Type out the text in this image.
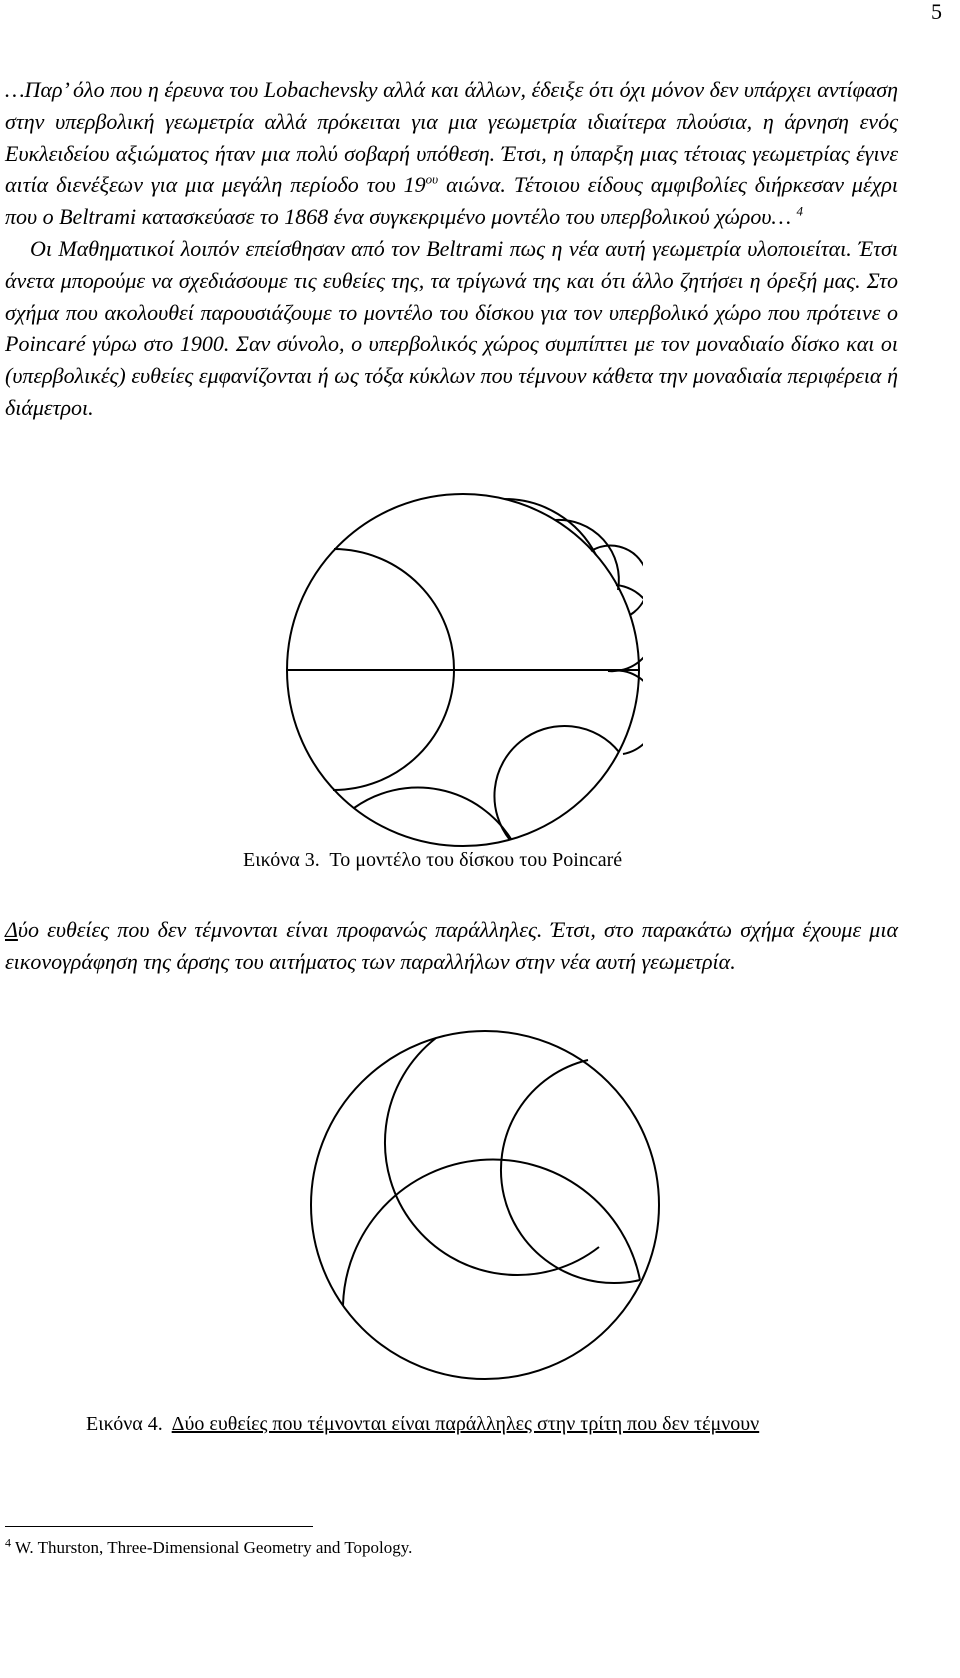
5

…Παρ’ όλο που η έρευνα του Lobachevsky αλλά και άλλων, έδειξε ότι όχι μόνον δεν υπάρχει αντίφαση στην υπερβολική γεωμετρία αλλά πρόκειται για μια γεωμετρία ιδιαίτερα πλούσια, η άρνηση ενός Ευκλειδείου αξιώματος ήταν μια πολύ σοβαρή υπόθεση. Έτσι, η ύπαρξη μιας τέτοιας γεωμετρίας έγινε αιτία διενέξεων για μια μεγάλη περίοδο του $19^{o\upsilon}$ αιώνα. Τέτοιου είδους αμφιβολίες διήρκεσαν μέχρι που ο Beltrami κατασκεύασε το 1868 ένα συγκεκριμένο μοντέλο του υπερβολικού χώρου… $^4$
Οι Μαθηματικοί λοιπόν επείσθησαν από τον Beltrami πως η νέα αυτή γεωμετρία υλοποιείται. Έτσι άνετα μπορούμε να σχεδιάσουμε τις ευθείες της, τα τρίγωνά της και ότι άλλο ζητήσει η όρεξή μας. Στο σχήμα που ακολουθεί παρουσιάζουμε το μοντέλο του δίσκου για τον υπερβολικό χώρο που πρότεινε ο Poincaré γύρω στο 1900. Σαν σύνολο, ο υπερβολικός χώρος συμπίπτει με τον μοναδιαίο δίσκο και οι (υπερβολικές) ευθείες εμφανίζονται ή ως τόξα κύκλων που τέμνουν κάθετα την μοναδιαία περιφέρεια ή διάμετροι.

Εικόνα 3. Το μοντέλο του δίσκου του Poincaré

Δύο ευθείες που δεν τέμνονται είναι προφανώς παράλληλες. Έτσι, στο παρακάτω σχήμα έχουμε μια εικονογράφηση της άρσης του αιτήματος των παραλλήλων στην νέα αυτή γεωμετρία.

Εικόνα 4. Δύο ευθείες που τέμνονται είναι παράλληλες στην τρίτη που δεν τέμνουν
$^4$ W. Thurston, Three-Dimensional Geometry and Topology.
